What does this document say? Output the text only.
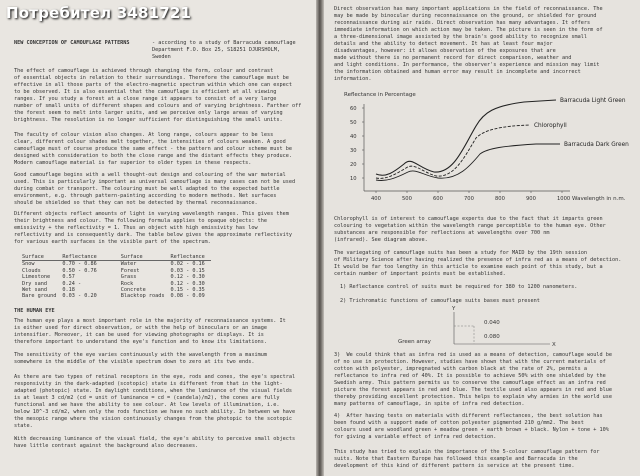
NEW CONCEPTION OF CAMOUFLAGE PATTERNS	- according to a study of Barracuda camouflage
Department F.O. Box 25, S18251 DJURSHOLM,
Sweden
Surface	Reflectance	Surface	Reflectance
Snow	0.70 - 0.86	Water	0.02 - 0.16
Clouds	0.50 - 0.76	Forest	0.03 - 0.15
Limestone	0.57	Grass	0.12 - 0.30
Dry sand	0.24 -	Rock	0.12 - 0.30
Wet sand	0.18	Concrete	0.15 - 0.35
Bare ground	0.03 - 0.20	Blacktop roads	0.08 - 0.09
THE HUMAN EYE
The effect of camouflage is achieved through changing the form, colour and contrast
of essential objects in relation to their surroundings. Therefore the camouflage must be
effective in all those parts of the electro-magnetic spectrum within which one can expect
to be observed. It is also essential that the camouflage is efficient at all viewing
ranges. If you study a forest at a close range it appears to consist of a very large
number of small units of different shapes and colours and of varying brightness. Farther off
the forest seem to melt into larger units, and we perceive only large areas of varying
brightness. The resolution is no longer sufficient for distinguishing the small units.
The faculty of colour vision also changes. At long range, colours appear to be less
clear, different colour shades melt together, the intensities of colours weaken. A good
camouflage must of course produce the same effect - the pattern and colour scheme must be
designed with consideration to both the close range and the distant effects they produce.
Modern camouflage material is far superior to older types in these respects.
Good camouflage begins with a well thought-out design and colouring of the war material
used. This is particularly important as universal camouflage is many cases can not be used
during combat or transport. The colouring must be well adapted to the expected battle
environment, e.g. through pattern-painting according to modern methods. Net surfaces
should be shielded so that they can not be detected by thermal reconnaissance.
Different objects reflect amounts of light in varying wavelength ranges. This gives them
their brightness and colour. The following formula applies to opaque objects: the
emissivity + the reflectivity = 1. Thus an object with high emissivity has low
reflectivity and is consequently dark. The table below gives the approximate reflectivity
for various earth surfaces in the visible part of the spectrum.
The human eye plays a most important role in the majority of reconnaissance systems. It
is either used for direct observation, or with the help of binoculars or an image
intensifier. Moreover, it can be used for viewing photographs or displays. It is
therefore important to understand the eye's function and to know its limitations.
The sensitivity of the eye varies continuously with the wavelength from a maximum
somewhere in the middle of the visible spectrum down to zero at its two ends.
As there are two types of retinal receptors in the eye, rods and cones, the eye's spectral
responsivity in the dark-adapted (scotopic) state is different from that in the light-
adapted (photopic) state. In daylight conditions, when the luminance of the visual fields
is at least 3 cd/m2 (cd = unit of luminance = cd = (candela)/m2), the cones are fully
functional and we have the ability to see colour. At low levels of illumination, i.e.
below 10^-3 cd/m2, when only the rods function we have no such ability. In between we have
the mesopic range where the vision continuously changes from the photopic to the scotopic
state.
With decreasing luminance of the visual field, the eye's ability to perceive small objects
have little contrast against the background also decreases.
Reflectance in Percentage
60
50
40
30
20
10
400	500	600	700	800	900	1000
Barracuda Light Green
Chlorophyll
Barracuda Dark Green
Wavelength in n.m.
1) Reflectance control of suits must be required for 380 to 1200 nanometers.
2) Trichromatic functions of camouflage suits bases must present
Y
X
0.040
0.080
Green array
Direct observation has many important applications in the field of reconnaissance. The
may be made by binocular during reconnaissance on the ground, or shielded for ground
reconnaissance during air raids. Direct observation has many advantages. It offers
immediate information on which action may be taken. The picture is seen in the form of
a three-dimensional image assisted by the brain's good ability to recognize small
details and the ability to detect movement. It has at least four major
disadvantages, however: it allows observation of the exposures that are
made without there is no permanent record for direct comparison, weather and
and light conditions. In performance, the observer's experience and mission may limit
the information obtained and human error may result in incomplete and incorrect
information.
Chlorophyll is of interest to camouflage experts due to the fact that it imparts green
colouring to vegetation within the wavelength range perceptible to the human eye. Other
substances are responsible for reflections at wavelengths over 700 nm
(infrared). See diagram above.
The variegating of camouflage suits has been a study for MAID by the 19th session
of Military Science after having realized the presence of infra red as a means of detection.
It would be far too lengthy in this article to examine each point of this study, but a
certain number of important points must be established.
3)  We could think that as infra red is used as a means of detection, camouflage would be
of no use in protection. However, studies have shown that with the current materials of
cotton with polyester, impregnated with carbon black at the rate of 2%, permits a
reflectance to infra red of 40%. It is possible to achieve 50% with one shielded by the
Swedish army. This pattern permits us to conserve the camouflage effect as an infra red
picture the forest appears in red and blue. The textile used also appears in red and blue
thereby providing excellent protection. This helps to explain why armies in the world use
many patterns of camouflage, in spite of infra red detection.
4)  After having tests on materials with different reflectances, the best solution has
been found with a support made of cotton polyester pigmented 210 g/mm2. The best
colours used are woodland green + meadow green + earth brown + black. Nylon + tone + 10%
for giving a variable effect of infra red detection.
This study has tried to explain the importance of the 5-colour camouflage pattern for
suits. Note that Eastern Europe has followed this example and Barracuda in the
development of this kind of different pattern is service at the present time.
Потребител 3481721
